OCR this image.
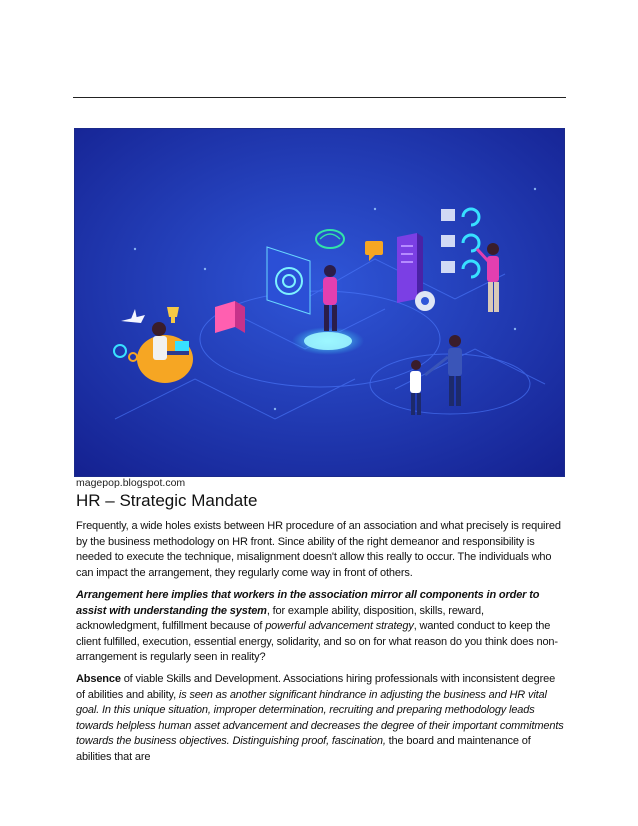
magepop.blogspot.com
HR – Strategic Mandate

Frequently, a wide holes exists between HR procedure of an association and what precisely is required by the business methodology on HR front. Since ability of the right demeanor and responsibility is needed to execute the technique, misalignment doesn't allow this really to occur. The individuals who can impact the arrangement, they regularly come way in front of others.

Arrangement here implies that workers in the association mirror all components in order to assist with understanding the system, for example ability, disposition, skills, reward, acknowledgment, fulfillment because of powerful advancement strategy, wanted conduct to keep the client fulfilled, execution, essential energy, solidarity, and so on for what reason do you think does non-arrangement is regularly seen in reality?

Absence of viable Skills and Development. Associations hiring professionals with inconsistent degree of abilities and ability, is seen as another significant hindrance in adjusting the business and HR vital goal. In this unique situation, improper determination, recruiting and preparing methodology leads towards helpless human asset advancement and decreases the degree of their important commitments towards the business objectives. Distinguishing proof, fascination, the board and maintenance of abilities that are
